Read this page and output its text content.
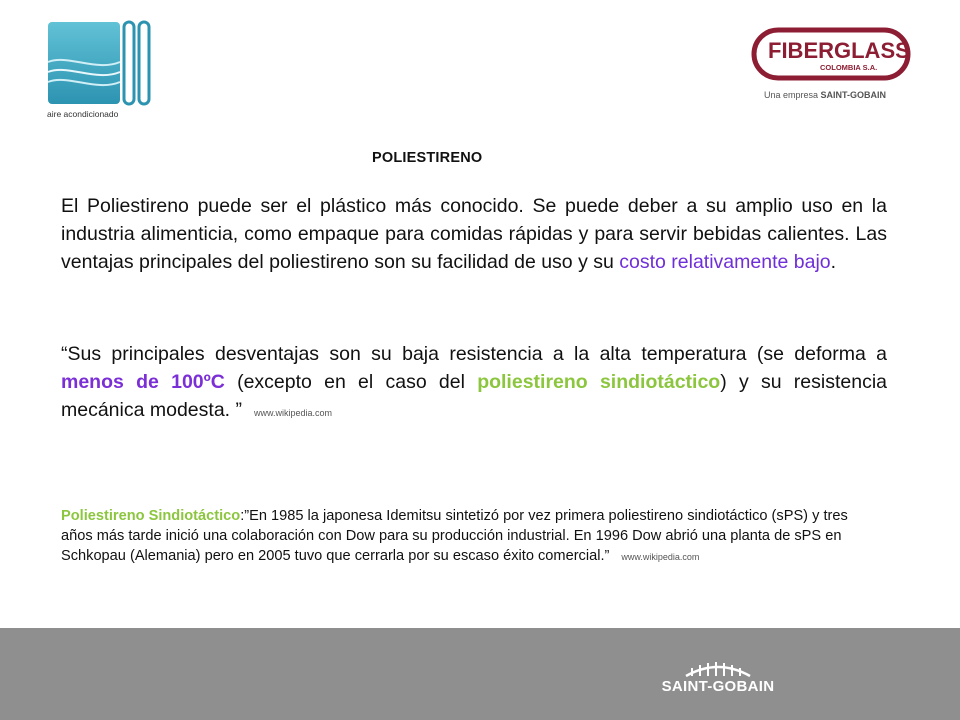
aire acondicionado
FIBERGLASS
COLOMBIA S.A.
Una empresa SAINT-GOBAIN
POLIESTIRENO
El Poliestireno puede ser el plástico más conocido. Se puede deber a su amplio uso en la industria alimenticia, como empaque para comidas rápidas y para servir bebidas calientes. Las ventajas principales del poliestireno son su facilidad de uso y su costo relativamente bajo.
“Sus principales desventajas son su baja resistencia a la alta temperatura (se deforma a menos de 100ºC (excepto en el caso del poliestireno sindiotáctico) y su resistencia mecánica modesta. ” www.wikipedia.com
Poliestireno Sindiotáctico:”En 1985 la japonesa Idemitsu sintetizó por vez primera poliestireno sindiotáctico (sPS) y tres años más tarde inició una colaboración con Dow para su producción industrial. En 1996 Dow abrió una planta de sPS en Schkopau (Alemania) pero en 2005 tuvo que cerrarla por su escaso éxito comercial.” www.wikipedia.com
SAINT-GOBAIN
